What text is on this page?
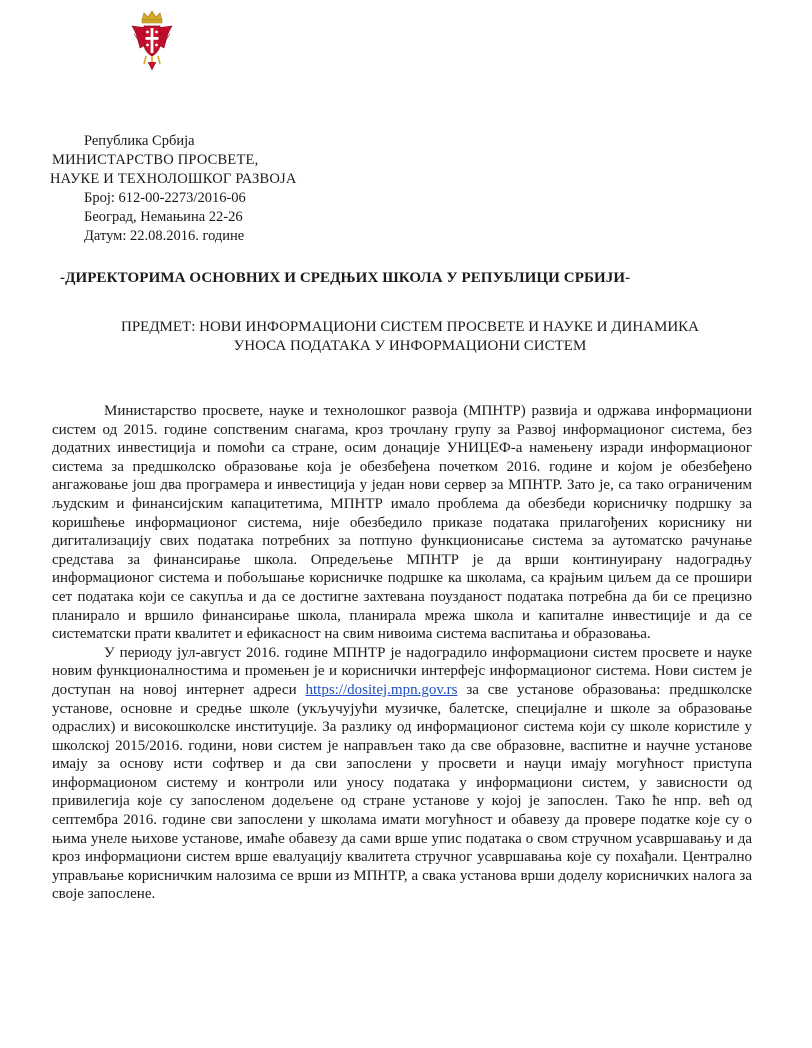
Република Србија
МИНИСТАРСТВО ПРОСВЕТЕ,
НАУКЕ И ТЕХНОЛОШКОГ РАЗВОЈА
Број: 612-00-2273/2016-06
Београд, Немањина 22-26
Датум: 22.08.2016. године
-ДИРЕКТОРИМА ОСНОВНИХ И СРЕДЊИХ ШКОЛА У РЕПУБЛИЦИ СРБИЈИ-
ПРЕДМЕТ: НОВИ ИНФОРМАЦИОНИ СИСТЕМ ПРОСВЕТЕ И НАУКЕ И ДИНАМИКА
УНОСА ПОДАТАКА У ИНФОРМАЦИОНИ СИСТЕМ

Министарство просвете, науке и технолошког развоја (МПНТР) развија и одржава информациони систем од 2015. године сопственим снагама, кроз трочлану групу за Развој информационог система, без додатних инвестиција и помоћи са стране, осим донације УНИЦЕФ-а намењену изради информационог система за предшколско образовање која је обезбеђена почетком 2016. године и којом је обезбеђено ангажовање још два програмера и инвестиција у један нови сервер за МПНТР. Зато је, са тако ограниченим људским и финансијским капацитетима, МПНТР имало проблема да обезбеди корисничку подршку за коришћење информационог система, није обезбедило приказе података прилагођених кориснику ни дигитализацију свих података потребних за потпуно функционисање система за аутоматско рачунање средстава за финансирање школа. Опредељење МПНТР је да врши континуирану надоградњу информационог система и побољшање корисничке подршке ка школама, са крајњим циљем да се прошири сет података који се сакупља и да се достигне захтевана поузданост података потребна да би се прецизно планирало и вршило финансирање школа, планирала мрежа школа и капиталне инвестиције и да се систематски прати квалитет и ефикасност на свим нивоима система васпитања и образовања.

У периоду јул-август 2016. године МПНТР је надоградило информациони систем просвете и науке новим функционалностима и промењен је и кориснички интерфејс информационог система. Нови систем је доступан на новој интернет адреси https://dositej.mpn.gov.rs за све установе образовања: предшколске установе, основне и средње школе (укључујући музичке, балетске, специјалне и школе за образовање одраслих) и високошколске институције. За разлику од информационог система који су школе користиле у школској 2015/2016. години, нови систем је направљен тако да све образовне, васпитне и научне установе имају за основу исти софтвер и да сви запослени у просвети и науци имају могућност приступа информационом систему и контроли или уносу података у информациони систем, у зависности од привилегија које су запосленом додељене од стране установе у којој је запослен. Тако ће нпр. већ од септембра 2016. године сви запослени у школама имати могућност и обавезу да провере податке које су о њима унеле њихове установе, имаће обавезу да сами врше упис података о свом стручном усавршавању и да кроз информациони систем врше евалуацију квалитета стручног усавршавања које су похађали. Централно управљање корисничким налозима се врши из МПНТР, а свака установа врши доделу корисничких налога за своје запослене.
